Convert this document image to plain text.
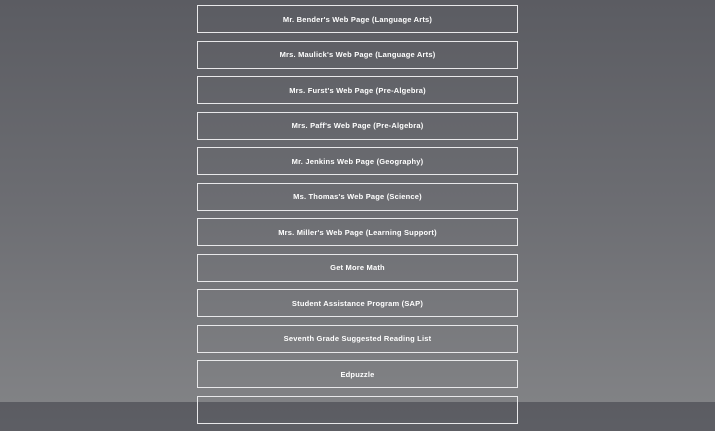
Mr. Bender's Web Page (Language Arts)
Mrs. Maulick's Web Page (Language Arts)
Mrs. Furst's Web Page (Pre-Algebra)
Mrs. Paff's Web Page (Pre-Algebra)
Mr. Jenkins Web Page (Geography)
Ms. Thomas's Web Page (Science)
Mrs. Miller's Web Page (Learning Support)
Get More Math
Student Assistance Program (SAP)
Seventh Grade Suggested Reading List
Edpuzzle
